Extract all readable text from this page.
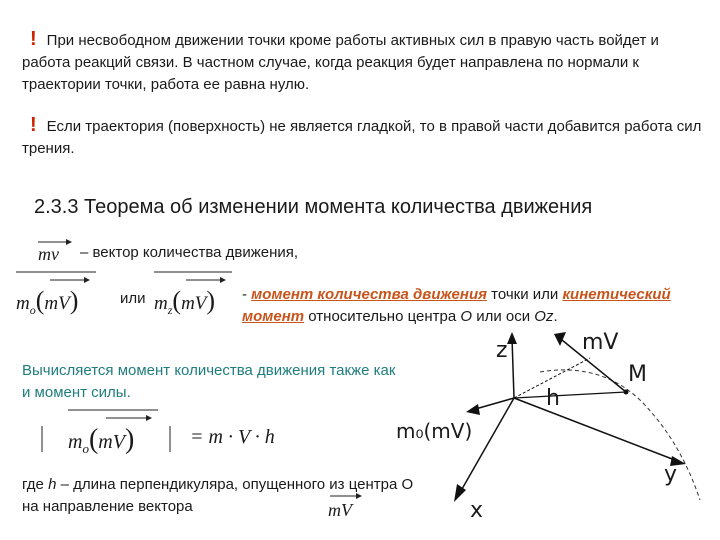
! При несвободном движении точки кроме работы активных сил в правую часть войдет и работа реакций связи. В частном случае, когда реакция будет направлена по нормали к траектории точки, работа ее равна нулю.
! Если траектория (поверхность) не является гладкой, то в правой части добавится работа сил трения.
2.3.3 Теорема об изменении момента количества движения
mv – вектор количества движения,
$m_o(mV)$	или $m_z(mV)$ - момент количества движения точки или кинетический момент относительно центра O или оси Oz.
Вычисляется момент количества движения также как и момент силы.
$m_o(mV)$	= m · V · h
где h – длина перпендикуляра, опущенного из центра О на направление вектора	mV
z
y
x
mV
M
h
m₀(mV)
